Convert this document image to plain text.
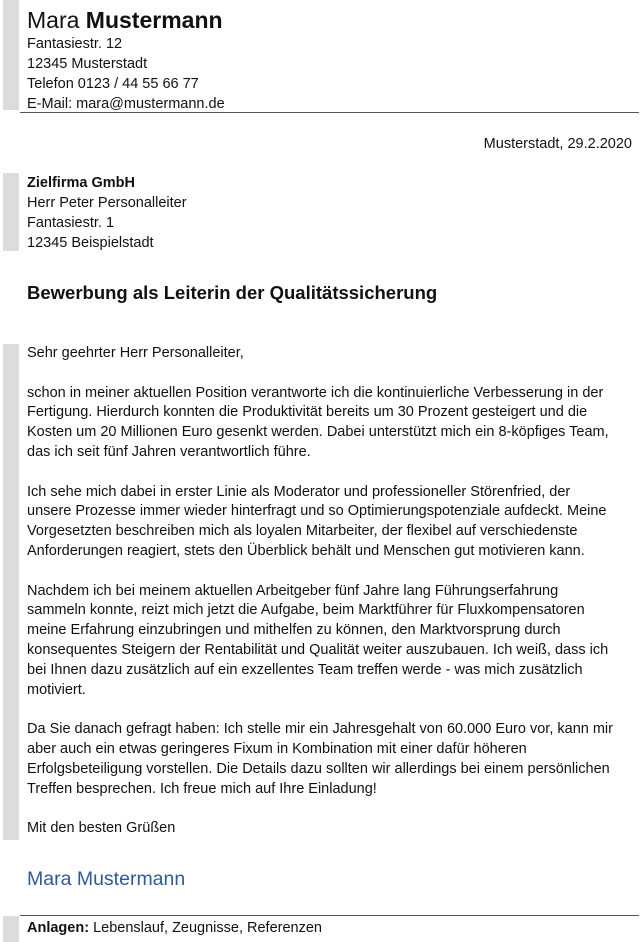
Mara Mustermann
Fantasiestr. 12
12345 Musterstadt
Telefon 0123 / 44 55 66 77
E-Mail: mara@mustermann.de
Musterstadt, 29.2.2020
Zielfirma GmbH
Herr Peter Personalleiter
Fantasiestr. 1
12345 Beispielstadt
Bewerbung als Leiterin der Qualitätssicherung

Sehr geehrter Herr Personalleiter,

schon in meiner aktuellen Position verantworte ich die kontinuierliche Verbesserung in der
Fertigung. Hierdurch konnten die Produktivität bereits um 30 Prozent gesteigert und die
Kosten um 20 Millionen Euro gesenkt werden. Dabei unterstützt mich ein 8-köpfiges Team,
das ich seit fünf Jahren verantwortlich führe.

Ich sehe mich dabei in erster Linie als Moderator und professioneller Störenfried, der
unsere Prozesse immer wieder hinterfragt und so Optimierungspotenziale aufdeckt. Meine
Vorgesetzten beschreiben mich als loyalen Mitarbeiter, der flexibel auf verschiedenste
Anforderungen reagiert, stets den Überblick behält und Menschen gut motivieren kann.

Nachdem ich bei meinem aktuellen Arbeitgeber fünf Jahre lang Führungserfahrung
sammeln konnte, reizt mich jetzt die Aufgabe, beim Marktführer für Fluxkompensatoren
meine Erfahrung einzubringen und mithelfen zu können, den Marktvorsprung durch
konsequentes Steigern der Rentabilität und Qualität weiter auszubauen. Ich weiß, dass ich
bei Ihnen dazu zusätzlich auf ein exzellentes Team treffen werde - was mich zusätzlich
motiviert.

Da Sie danach gefragt haben: Ich stelle mir ein Jahresgehalt von 60.000 Euro vor, kann mir
aber auch ein etwas geringeres Fixum in Kombination mit einer dafür höheren
Erfolgsbeteiligung vorstellen. Die Details dazu sollten wir allerdings bei einem persönlichen
Treffen besprechen. Ich freue mich auf Ihre Einladung!

Mit den besten Grüßen

Mara Mustermann
Anlagen: Lebenslauf, Zeugnisse, Referenzen
